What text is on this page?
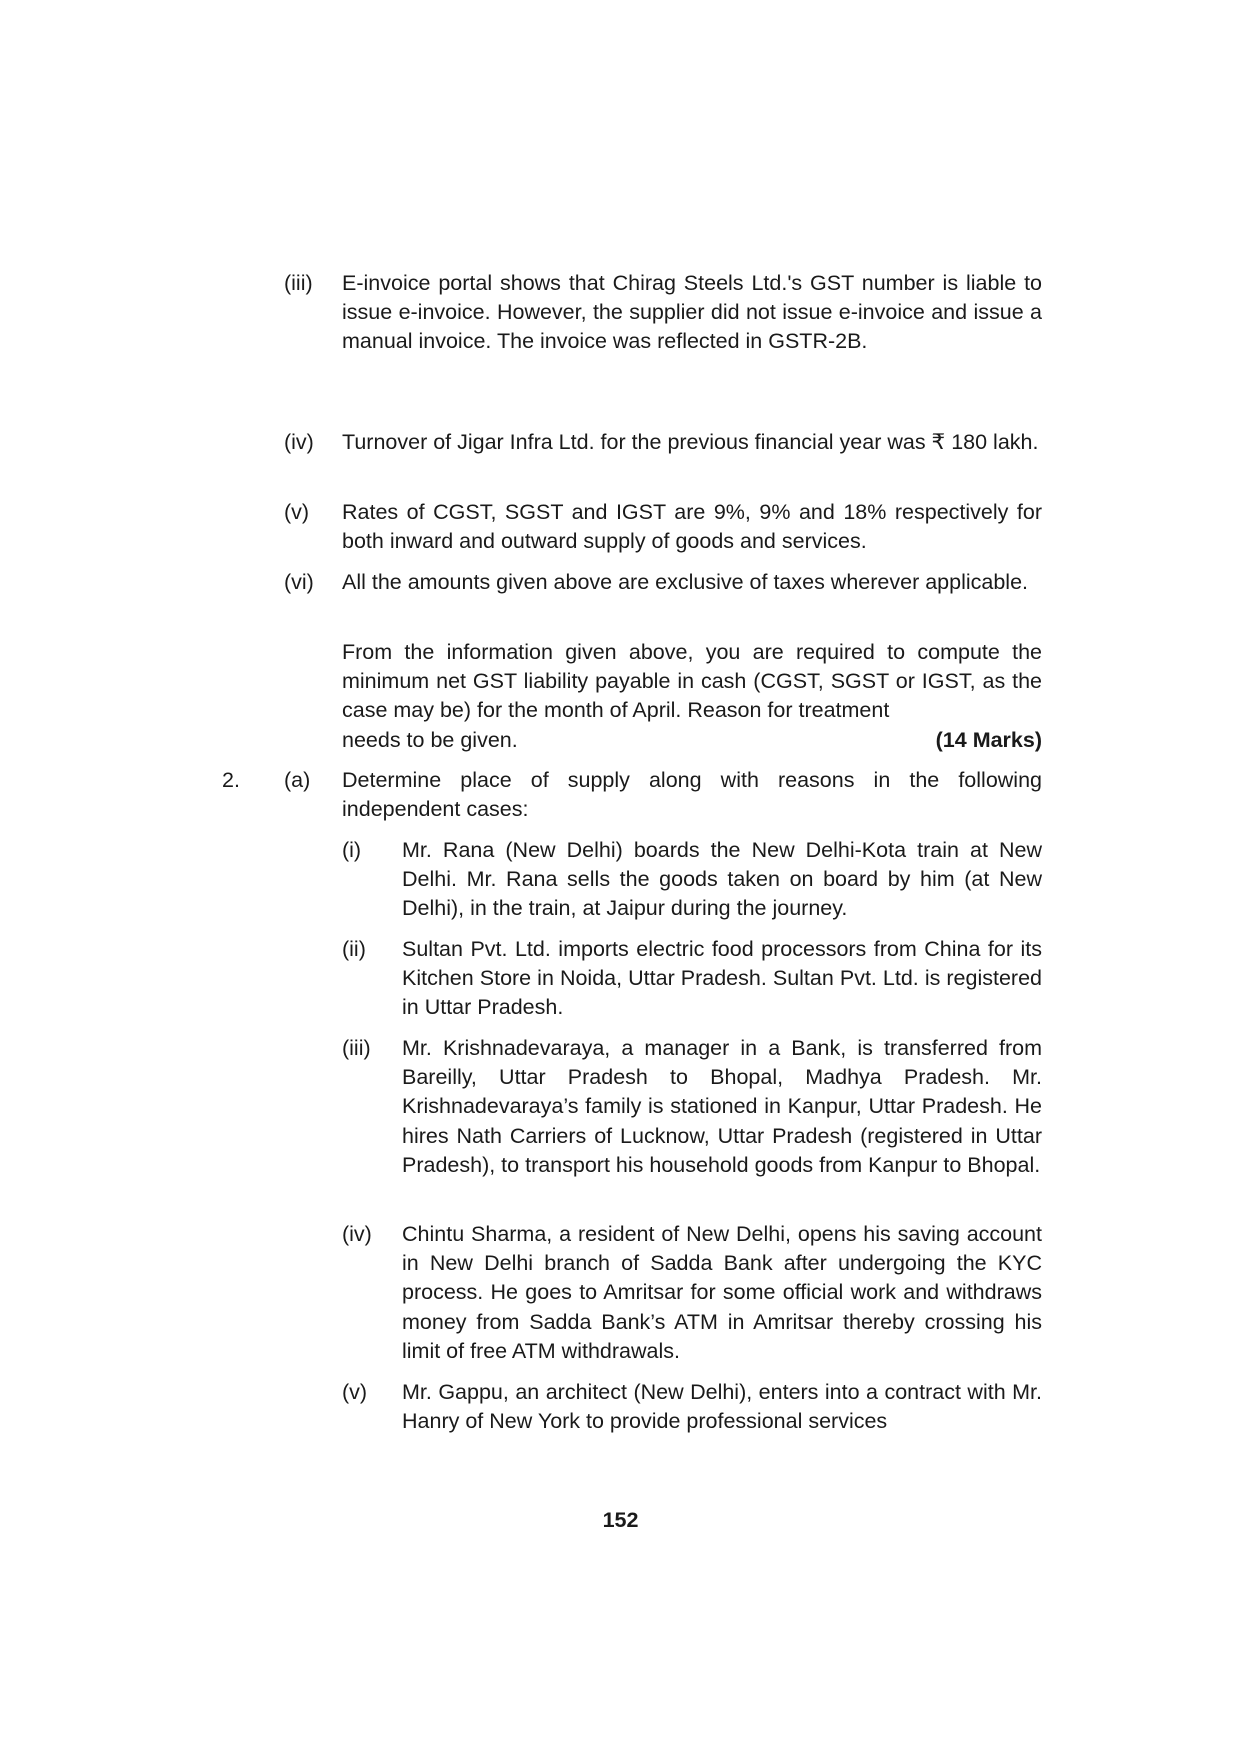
(iii) E-invoice portal shows that Chirag Steels Ltd.'s GST number is liable to issue e-invoice. However, the supplier did not issue e-invoice and issue a manual invoice. The invoice was reflected in GSTR-2B.
(iv) Turnover of Jigar Infra Ltd. for the previous financial year was ₹ 180 lakh.
(v) Rates of CGST, SGST and IGST are 9%, 9% and 18% respectively for both inward and outward supply of goods and services.
(vi) All the amounts given above are exclusive of taxes wherever applicable.
From the information given above, you are required to compute the minimum net GST liability payable in cash (CGST, SGST or IGST, as the case may be) for the month of April. Reason for treatment
needs to be given.	(14 Marks)
2. (a) Determine place of supply along with reasons in the following independent cases:
(i) Mr. Rana (New Delhi) boards the New Delhi-Kota train at New Delhi. Mr. Rana sells the goods taken on board by him (at New Delhi), in the train, at Jaipur during the journey.
(ii) Sultan Pvt. Ltd. imports electric food processors from China for its Kitchen Store in Noida, Uttar Pradesh. Sultan Pvt. Ltd. is registered in Uttar Pradesh.
(iii) Mr. Krishnadevaraya, a manager in a Bank, is transferred from Bareilly, Uttar Pradesh to Bhopal, Madhya Pradesh. Mr. Krishnadevaraya’s family is stationed in Kanpur, Uttar Pradesh. He hires Nath Carriers of Lucknow, Uttar Pradesh (registered in Uttar Pradesh), to transport his household goods from Kanpur to Bhopal.
(iv) Chintu Sharma, a resident of New Delhi, opens his saving account in New Delhi branch of Sadda Bank after undergoing the KYC process. He goes to Amritsar for some official work and withdraws money from Sadda Bank’s ATM in Amritsar thereby crossing his limit of free ATM withdrawals.
(v) Mr. Gappu, an architect (New Delhi), enters into a contract with Mr. Hanry of New York to provide professional services
152
